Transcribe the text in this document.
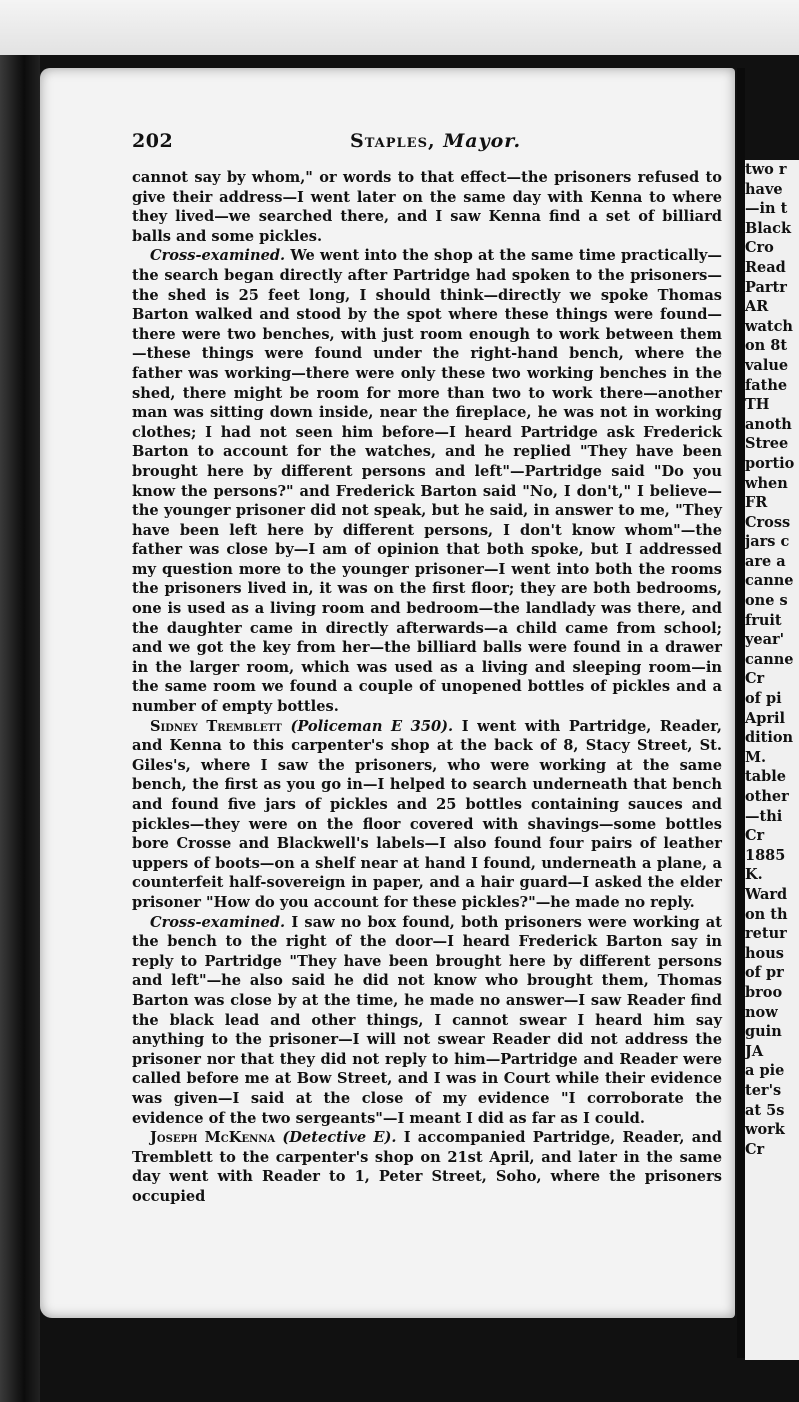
two r
have
—in t
Black
Cro
Read
Partr
AR
watch
on 8t
value
fathe
TH
anoth
Stree
portio
when
FR
Cross
jars c
are a
canne
one s
fruit
year'
canne
Cr
of pi
April
dition
M.
table
other
—thi
Cr
1885
K.
Ward
on th
retur
hous
of pr
broo
now
guin
JA
a pie
ter's
at 5s
work
Cr
202	Staples, Mayor.

cannot say by whom," or words to that effect—the prisoners refused to give their address—I went later on the same day with Kenna to where they lived—we searched there, and I saw Kenna find a set of billiard balls and some pickles.

Cross-examined. We went into the shop at the same time practically—the search began directly after Partridge had spoken to the prisoners—the shed is 25 feet long, I should think—directly we spoke Thomas Barton walked and stood by the spot where these things were found—there were two benches, with just room enough to work between them—these things were found under the right-hand bench, where the father was working—there were only these two working benches in the shed, there might be room for more than two to work there—another man was sitting down inside, near the fireplace, he was not in working clothes; I had not seen him before—I heard Partridge ask Frederick Barton to account for the watches, and he replied "They have been brought here by different persons and left"—Partridge said "Do you know the persons?" and Frederick Barton said "No, I don't," I believe—the younger prisoner did not speak, but he said, in answer to me, "They have been left here by different persons, I don't know whom"—the father was close by—I am of opinion that both spoke, but I addressed my question more to the younger prisoner—I went into both the rooms the prisoners lived in, it was on the first floor; they are both bedrooms, one is used as a living room and bedroom—the landlady was there, and the daughter came in directly afterwards—a child came from school; and we got the key from her—the billiard balls were found in a drawer in the larger room, which was used as a living and sleeping room—in the same room we found a couple of unopened bottles of pickles and a number of empty bottles.

Sidney Tremblett (Policeman E 350). I went with Partridge, Reader, and Kenna to this carpenter's shop at the back of 8, Stacy Street, St. Giles's, where I saw the prisoners, who were working at the same bench, the first as you go in—I helped to search underneath that bench and found five jars of pickles and 25 bottles containing sauces and pickles—they were on the floor covered with shavings—some bottles bore Crosse and Blackwell's labels—I also found four pairs of leather uppers of boots—on a shelf near at hand I found, underneath a plane, a counterfeit half-sovereign in paper, and a hair guard—I asked the elder prisoner "How do you account for these pickles?"—he made no reply.

Cross-examined. I saw no box found, both prisoners were working at the bench to the right of the door—I heard Frederick Barton say in reply to Partridge "They have been brought here by different persons and left"—he also said he did not know who brought them, Thomas Barton was close by at the time, he made no answer—I saw Reader find the black lead and other things, I cannot swear I heard him say anything to the prisoner—I will not swear Reader did not address the prisoner nor that they did not reply to him—Partridge and Reader were called before me at Bow Street, and I was in Court while their evidence was given—I said at the close of my evidence "I corroborate the evidence of the two sergeants"—I meant I did as far as I could.

Joseph McKenna (Detective E). I accompanied Partridge, Reader, and Tremblett to the carpenter's shop on 21st April, and later in the same day went with Reader to 1, Peter Street, Soho, where the prisoners occupied
